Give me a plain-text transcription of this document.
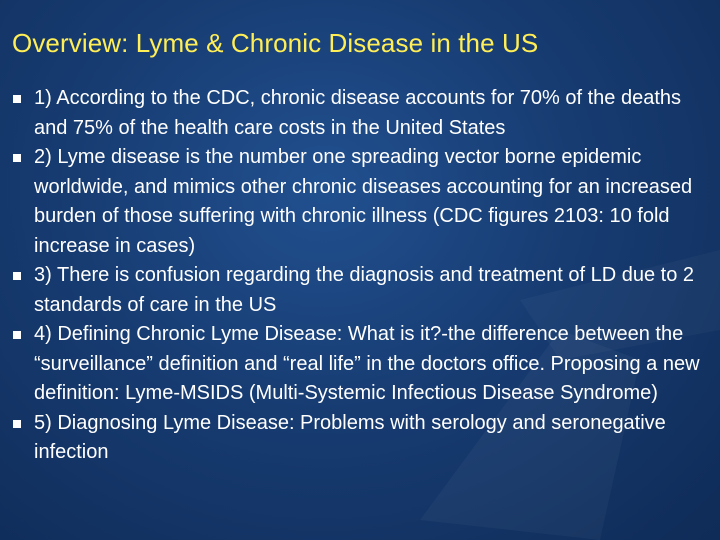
Overview: Lyme & Chronic Disease in the US
1) According to the CDC, chronic disease accounts for 70% of the deaths and 75% of the health care costs in the United States
2) Lyme disease is the number one spreading vector borne epidemic worldwide, and mimics other chronic diseases accounting for an increased burden of those suffering with chronic illness (CDC figures 2103: 10 fold increase in cases)
3) There is confusion regarding the diagnosis and treatment of LD due to 2 standards of care in the US
4) Defining Chronic Lyme Disease: What is it?-the difference between the “surveillance” definition and “real life” in the doctors office. Proposing a new definition: Lyme-MSIDS (Multi-Systemic Infectious Disease Syndrome)
5) Diagnosing Lyme Disease: Problems with serology and seronegative infection
